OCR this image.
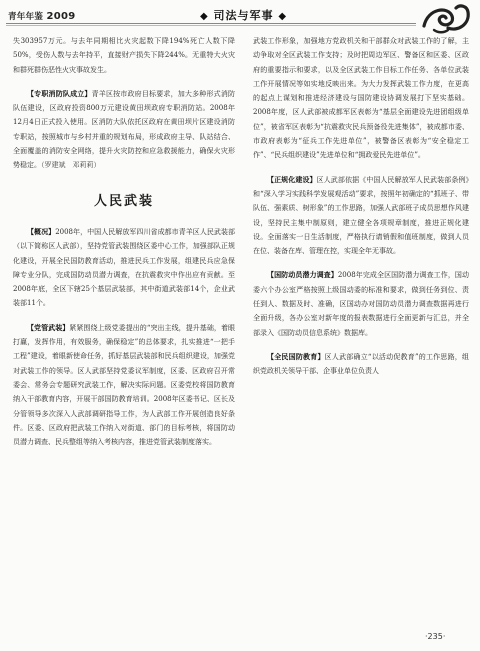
青年年鉴 2009	◆ 司法与军事 ◆

失303957万元。与去年同期相比火灾起数下降194%死亡人数下降50%，受伤人数与去年持平，直接财产损失下降244%。无重特大火灾和群死群伤恶性火灾事故发生。

【专职消防队成立】青羊区按市政府目标要求，加大多种形式消防队伍建设，区政府投资800万元建设黄田坝政府专职消防站。2008年12月4日正式投入使用。区消防大队依托区政府在黄田坝片区建设消防专职站，按照城市与乡村并重的规划布局，形成政府主导、队站结合、全面覆盖的消防安全网络，提升火灾防控和应急救援能力，确保火灾形势稳定。（罗建斌　邓莉莉）

人民武装

【概况】2008年，中国人民解放军四川省成都市青羊区人民武装部（以下简称区人武部），坚持党管武装围绕区委中心工作，加强部队正规化建设，开展全民国防教育活动，推进民兵工作发展，组建民兵应急保障专业分队，完成国防动员潜力调查，在抗震救灾中作出应有贡献。至2008年底，全区下辖25个基层武装部，其中街道武装部14个，企业武装部11个。

【党管武装】紧紧围绕上级党委提出的“突出主线，提升基础，着眼打赢，发挥作用，有效服务，确保稳定”的总体要求，扎实推进“一把手工程”建设，着眼新使命任务，抓好基层武装部和民兵组织建设，加强党对武装工作的领导。区人武部坚持党委议军制度，区委、区政府召开常委会、常务会专题研究武装工作，解决实际问题。区委党校将国防教育纳入干部教育内容，开展干部国防教育培训。2008年区委书记、区长及分管领导多次深入人武部调研指导工作，为人武部工作开展创造良好条件。区委、区政府把武装工作纳入对街道、部门的目标考核，将国防动员潜力调查、民兵整组等纳入考核内容，推进党管武装制度落实。

武装工作形象，加强地方党政机关和干部群众对武装工作的了解，主动争取对全区武装工作支持；及时把周边军区、警备区和区委、区政府的重要指示和要求，以及全区武装工作目标工作任务、各单位武装工作开展情况等如实地反映出来。为大力发挥武装工作力度，在更高的起点上谋划和推进经济建设与国防建设协调发展打下坚实基础。2008年度，区人武部被成都军区表彰为“基层全面建设先进团组级单位”，被省军区表彰为“抗震救灾民兵预备役先进集体”，被成都市委、市政府表彰为“征兵工作先进单位”，被警备区表彰为“安全稳定工作”、“民兵组织建设”先进单位和“拥政爱民先进单位”。

【正规化建设】区人武部依据《中国人民解放军人民武装部条例》和“深入学习实践科学发展观活动”要求，按照年初确定的“抓班子、带队伍、强素质、树形象”的工作思路，加强人武部班子成员思想作风建设，坚持民主集中制原则，建立健全各项规章制度，推进正规化建设。全面落实一日生活制度，严格执行请销假和值班制度，做到人员在位、装备在库、管理在控，实现全年无事故。

【国防动员潜力调查】2008年完成全区国防潜力调查工作，国动委六个办公室严格按照上级国动委的标准和要求，做到任务到位、责任到人、数据及时、准确，区国动办对国防动员潜力调查数据再进行全面升级，各办公室对新年度的报表数据进行全面更新与汇总，并全部录入《国防动员信息系统》数据库。

【全民国防教育】区人武部确立“以活动促教育”的工作思路，组织党政机关领导干部、企事业单位负责人

·235·
